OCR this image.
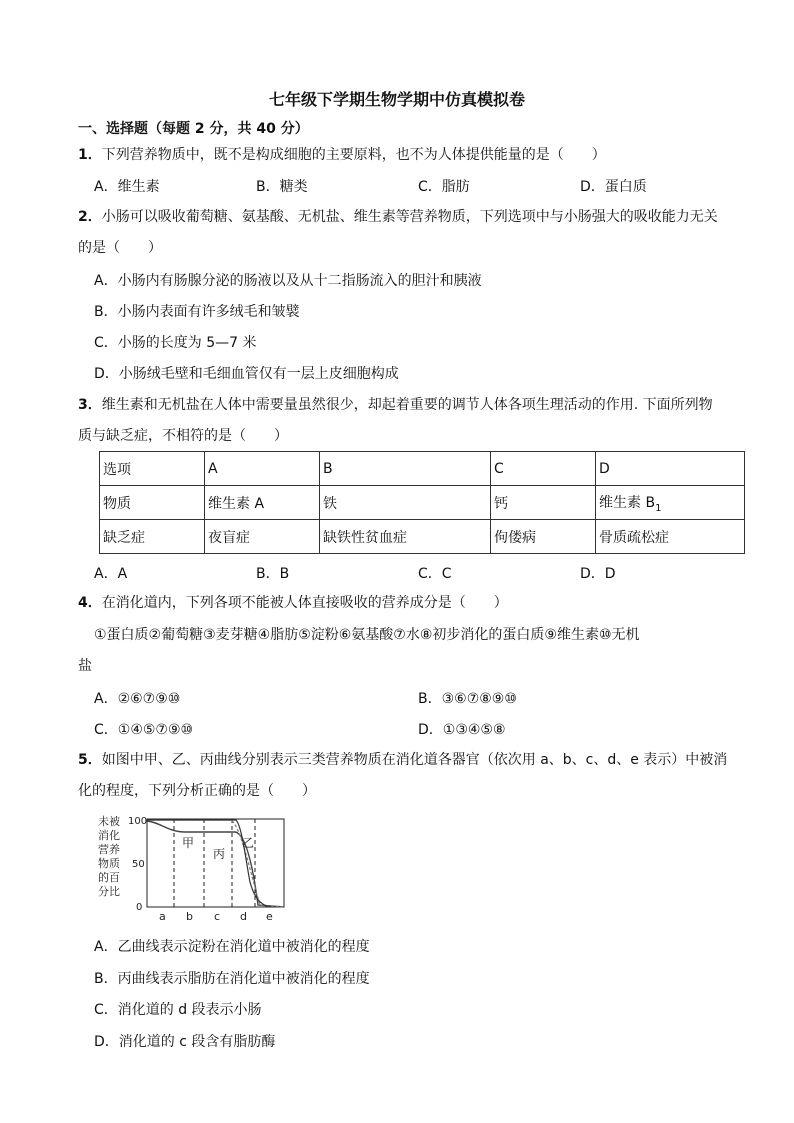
七年级下学期生物学期中仿真模拟卷
一、选择题（每题 2 分，共 40 分）
1．下列营养物质中，既不是构成细胞的主要原料，也不为人体提供能量的是（　　）
A．维生素	B．糖类	C．脂肪	D．蛋白质
2．小肠可以吸收葡萄糖、氨基酸、无机盐、维生素等营养物质，下列选项中与小肠强大的吸收能力无关
的是（　　）
A．小肠内有肠腺分泌的肠液以及从十二指肠流入的胆汁和胰液
B．小肠内表面有许多绒毛和皱襞
C．小肠的长度为 5—7 米
D．小肠绒毛壁和毛细血管仅有一层上皮细胞构成
3．维生素和无机盐在人体中需要量虽然很少，却起着重要的调节人体各项生理活动的作用. 下面所列物
质与缺乏症，不相符的是（　　）
选项	A	B	C	D
物质	维生素 A	铁	钙	维生素 $B_1$
缺乏症	夜盲症	缺铁性贫血症	佝偻病	骨质疏松症
A．A	B．B	C．C	D．D
4．在消化道内，下列各项不能被人体直接吸收的营养成分是（　　）
①蛋白质②葡萄糖③麦芽糖④脂肪⑤淀粉⑥氨基酸⑦水⑧初步消化的蛋白质⑨维生素⑩无机
盐
A．②⑥⑦⑨⑩	B．③⑥⑦⑧⑨⑩
C．①④⑤⑦⑨⑩	D．①③④⑤⑧
5．如图中甲、乙、丙曲线分别表示三类营养物质在消化道各器官（依次用 a、b、c、d、e 表示）中被消
化的程度，下列分析正确的是（　　）
未被
消化
营养
物质
的百
分比
100
50
0
甲
丙
乙
a b c d e
A．乙曲线表示淀粉在消化道中被消化的程度
B．丙曲线表示脂肪在消化道中被消化的程度
C．消化道的 d 段表示小肠
D．消化道的 c 段含有脂肪酶
